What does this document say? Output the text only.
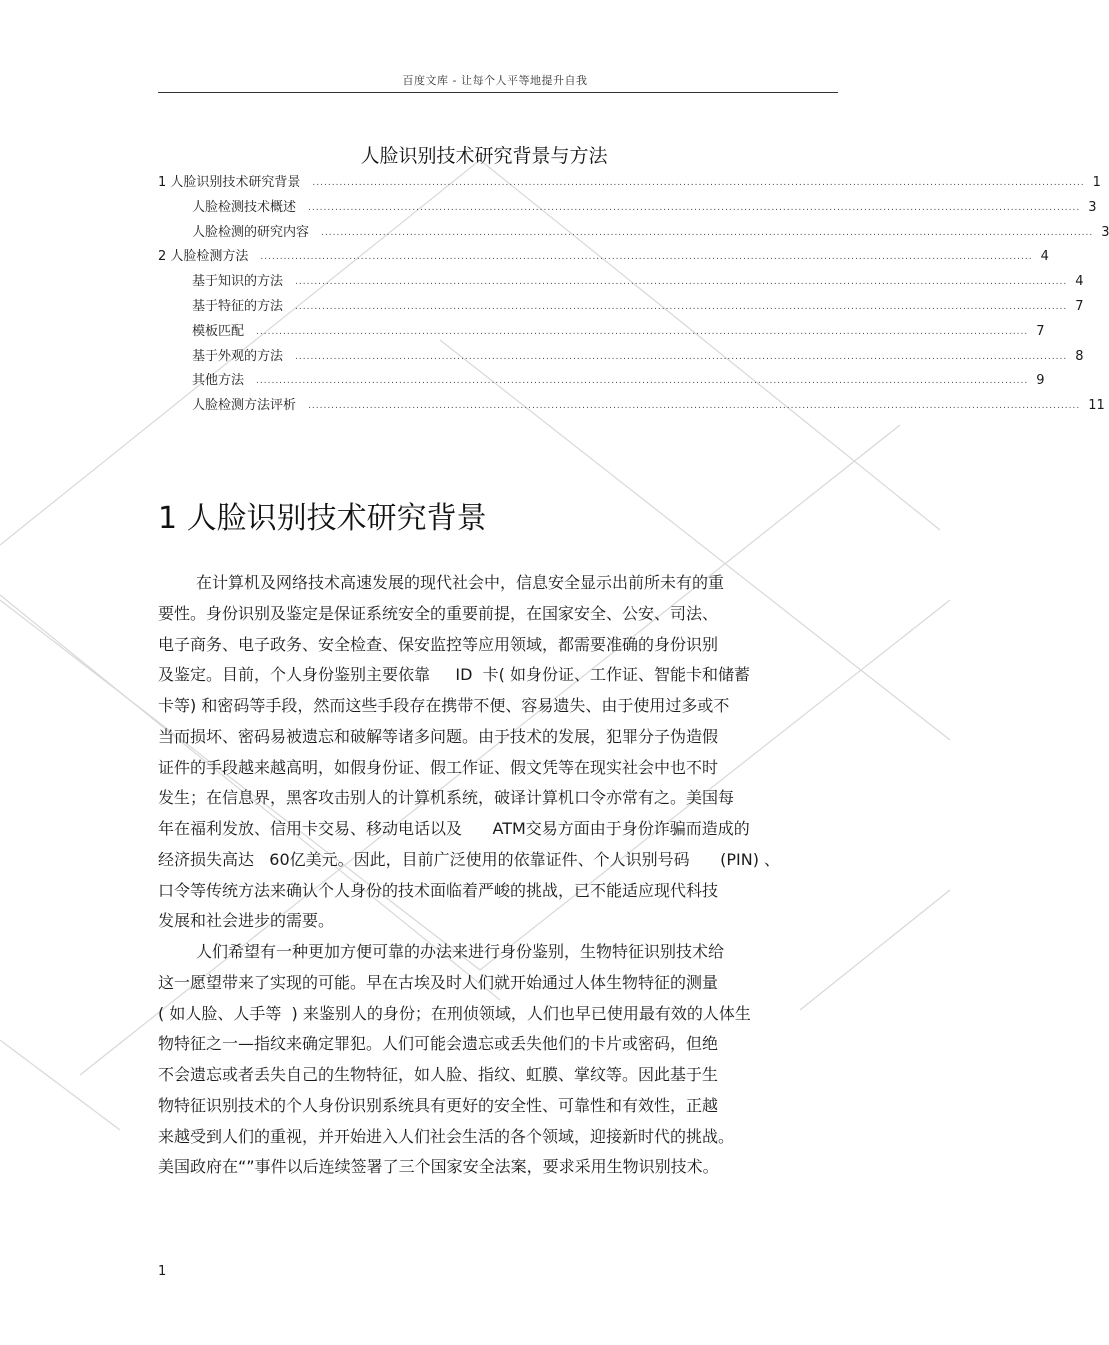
百度文库 - 让每个人平等地提升自我
人脸识别技术研究背景与方法
1 人脸识别技术研究背景 ........................................................................................................................................................................................................ 1
人脸检测技术概述 ........................................................................................................................................................................................................ 3
人脸检测的研究内容 ........................................................................................................................................................................................................ 3
2 人脸检测方法 ........................................................................................................................................................................................................ 4
基于知识的方法 ........................................................................................................................................................................................................ 4
基于特征的方法 ........................................................................................................................................................................................................ 7
模板匹配 ........................................................................................................................................................................................................ 7
基于外观的方法 ........................................................................................................................................................................................................ 8
其他方法 ........................................................................................................................................................................................................ 9
人脸检测方法评析 ........................................................................................................................................................................................................ 11
1 人脸识别技术研究背景
在计算机及网络技术高速发展的现代社会中，信息安全显示出前所未有的重
要性。身份识别及鉴定是保证系统安全的重要前提，在国家安全、公安、司法、
电子商务、电子政务、安全检查、保安监控等应用领域，都需要准确的身份识别
及鉴定。目前，个人身份鉴别主要依靠     ID  卡( 如身份证、工作证、智能卡和储蓄
卡等) 和密码等手段，然而这些手段存在携带不便、容易遗失、由于使用过多或不
当而损坏、密码易被遗忘和破解等诸多问题。由于技术的发展，犯罪分子伪造假
证件的手段越来越高明，如假身份证、假工作证、假文凭等在现实社会中也不时
发生；在信息界，黑客攻击别人的计算机系统，破译计算机口令亦常有之。美国每
年在福利发放、信用卡交易、移动电话以及      ATM交易方面由于身份诈骗而造成的
经济损失高达   60亿美元。因此，目前广泛使用的依靠证件、个人识别号码      (PIN) 、
口令等传统方法来确认个人身份的技术面临着严峻的挑战，已不能适应现代科技
发展和社会进步的需要。
人们希望有一种更加方便可靠的办法来进行身份鉴别，生物特征识别技术给
这一愿望带来了实现的可能。早在古埃及时人们就开始通过人体生物特征的测量
( 如人脸、人手等  ) 来鉴别人的身份；在刑侦领域，人们也早已使用最有效的人体生
物特征之一—指纹来确定罪犯。人们可能会遗忘或丢失他们的卡片或密码，但绝
不会遗忘或者丢失自己的生物特征，如人脸、指纹、虹膜、掌纹等。因此基于生
物特征识别技术的个人身份识别系统具有更好的安全性、可靠性和有效性，正越
来越受到人们的重视，并开始进入人们社会生活的各个领域，迎接新时代的挑战。
美国政府在“”事件以后连续签署了三个国家安全法案，要求采用生物识别技术。
1
